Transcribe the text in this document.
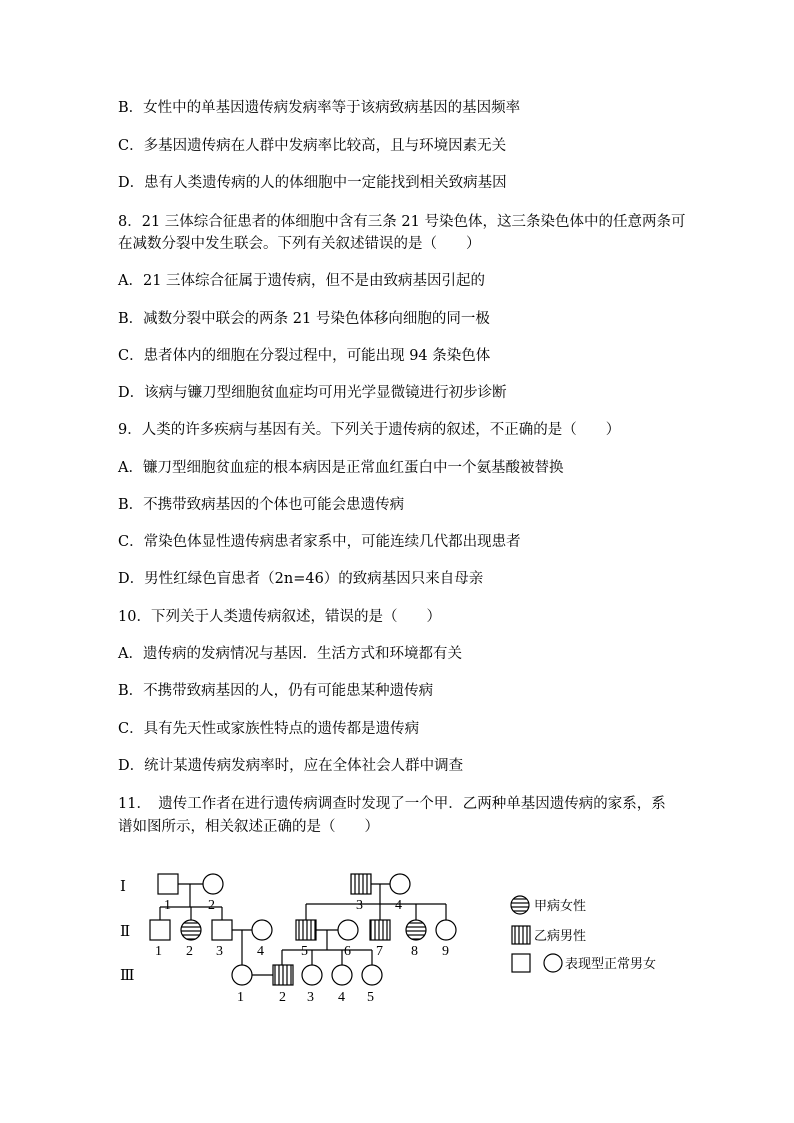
B．女性中的单基因遗传病发病率等于该病致病基因的基因频率
C．多基因遗传病在人群中发病率比较高，且与环境因素无关
D．患有人类遗传病的人的体细胞中一定能找到相关致病基因
8．21 三体综合征患者的体细胞中含有三条 21 号染色体，这三条染色体中的任意两条可
在减数分裂中发生联会。下列有关叙述错误的是（　　）
A．21 三体综合征属于遗传病，但不是由致病基因引起的
B．减数分裂中联会的两条 21 号染色体移向细胞的同一极
C．患者体内的细胞在分裂过程中，可能出现 94 条染色体
D．该病与镰刀型细胞贫血症均可用光学显微镜进行初步诊断
9．人类的许多疾病与基因有关。下列关于遗传病的叙述，不正确的是（　　）
A．镰刀型细胞贫血症的根本病因是正常血红蛋白中一个氨基酸被替换
B．不携带致病基因的个体也可能会患遗传病
C．常染色体显性遗传病患者家系中，可能连续几代都出现患者
D．男性红绿色盲患者（2n=46）的致病基因只来自母亲
10．下列关于人类遗传病叙述，错误的是（　　）
A．遗传病的发病情况与基因．生活方式和环境都有关
B．不携带致病基因的人，仍有可能患某种遗传病
C．具有先天性或家族性特点的遗传都是遗传病
D．统计某遗传病发病率时，应在全体社会人群中调查
11．　遗传工作者在进行遗传病调查时发现了一个甲．乙两种单基因遗传病的家系，系
谱如图所示，相关叙述正确的是（　　）
Ⅰ
Ⅱ
Ⅲ
1	2	3 4
1 2 3 4	5	6 7 8 9
1	2 3 4 5
甲病女性
乙病男性
表现型正常男女
